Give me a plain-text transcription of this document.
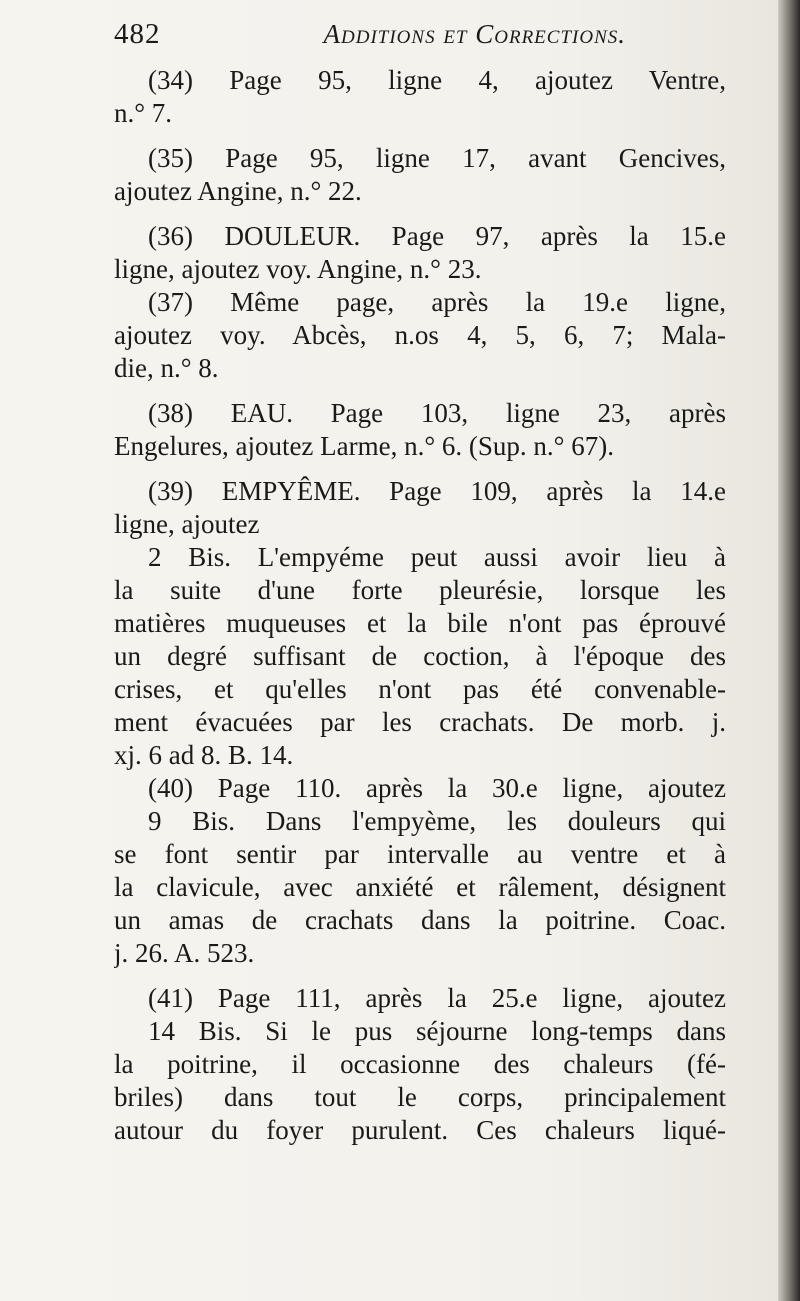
482	Additions et Corrections.
(34) Page 95, ligne 4, ajoutez Ventre,
n.° 7.
(35) Page 95, ligne 17, avant Gencives,
ajoutez Angine, n.° 22.
(36) DOULEUR. Page 97, après la 15.e
ligne, ajoutez voy. Angine, n.° 23.
(37) Même page, après la 19.e ligne,
ajoutez voy. Abcès, n.os 4, 5, 6, 7; Mala-
die, n.° 8.
(38) EAU. Page 103, ligne 23, après
Engelures, ajoutez Larme, n.° 6. (Sup. n.° 67).
(39) EMPYÊME. Page 109, après la 14.e
ligne, ajoutez
2 Bis. L'empyéme peut aussi avoir lieu à
la suite d'une forte pleurésie, lorsque les
matières muqueuses et la bile n'ont pas éprouvé
un degré suffisant de coction, à l'époque des
crises, et qu'elles n'ont pas été convenable-
ment évacuées par les crachats. De morb. j.
xj. 6 ad 8. B. 14.
(40) Page 110. après la 30.e ligne, ajoutez
9 Bis. Dans l'empyème, les douleurs qui
se font sentir par intervalle au ventre et à
la clavicule, avec anxiété et râlement, désignent
un amas de crachats dans la poitrine. Coac.
j. 26. A. 523.
(41) Page 111, après la 25.e ligne, ajoutez
14 Bis. Si le pus séjourne long-temps dans
la poitrine, il occasionne des chaleurs (fé-
briles) dans tout le corps, principalement
autour du foyer purulent. Ces chaleurs liqué-
